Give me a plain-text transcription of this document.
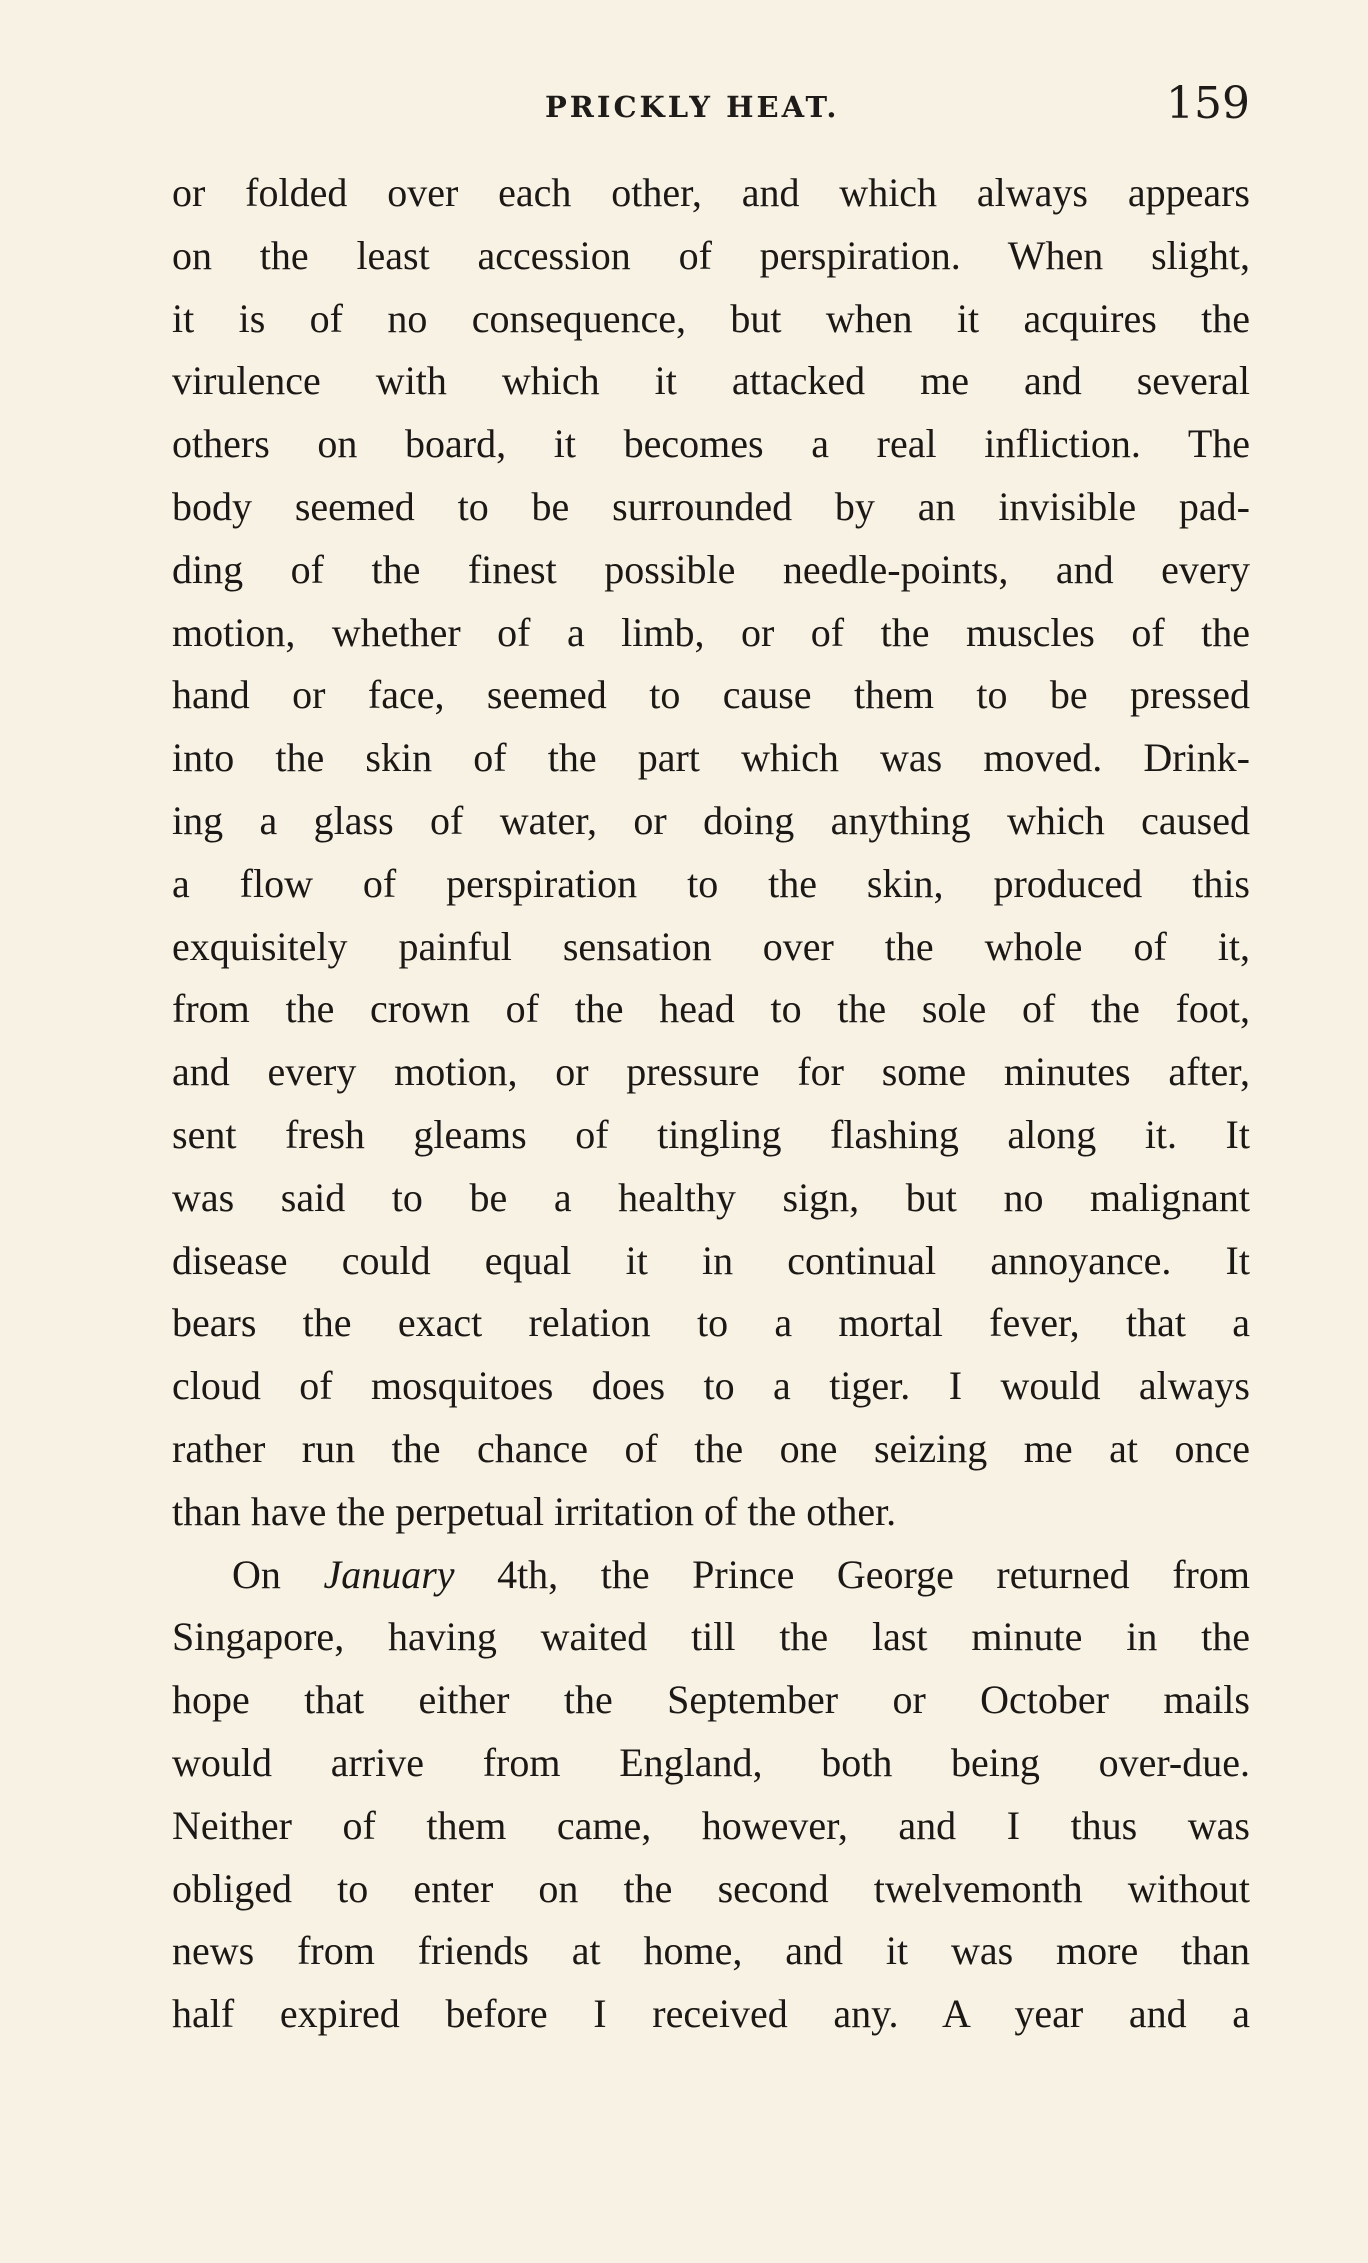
PRICKLY HEAT.	159
or folded over each other, and which always appears
on the least accession of perspiration. When slight,
it is of no consequence, but when it acquires the
virulence with which it attacked me and several
others on board, it becomes a real infliction. The
body seemed to be surrounded by an invisible pad-
ding of the finest possible needle-points, and every
motion, whether of a limb, or of the muscles of the
hand or face, seemed to cause them to be pressed
into the skin of the part which was moved. Drink-
ing a glass of water, or doing anything which caused
a flow of perspiration to the skin, produced this
exquisitely painful sensation over the whole of it,
from the crown of the head to the sole of the foot,
and every motion, or pressure for some minutes after,
sent fresh gleams of tingling flashing along it. It
was said to be a healthy sign, but no malignant
disease could equal it in continual annoyance. It
bears the exact relation to a mortal fever, that a
cloud of mosquitoes does to a tiger. I would always
rather run the chance of the one seizing me at once
than have the perpetual irritation of the other.
On January 4th, the Prince George returned from
Singapore, having waited till the last minute in the
hope that either the September or October mails
would arrive from England, both being over-due.
Neither of them came, however, and I thus was
obliged to enter on the second twelvemonth without
news from friends at home, and it was more than
half expired before I received any. A year and a
